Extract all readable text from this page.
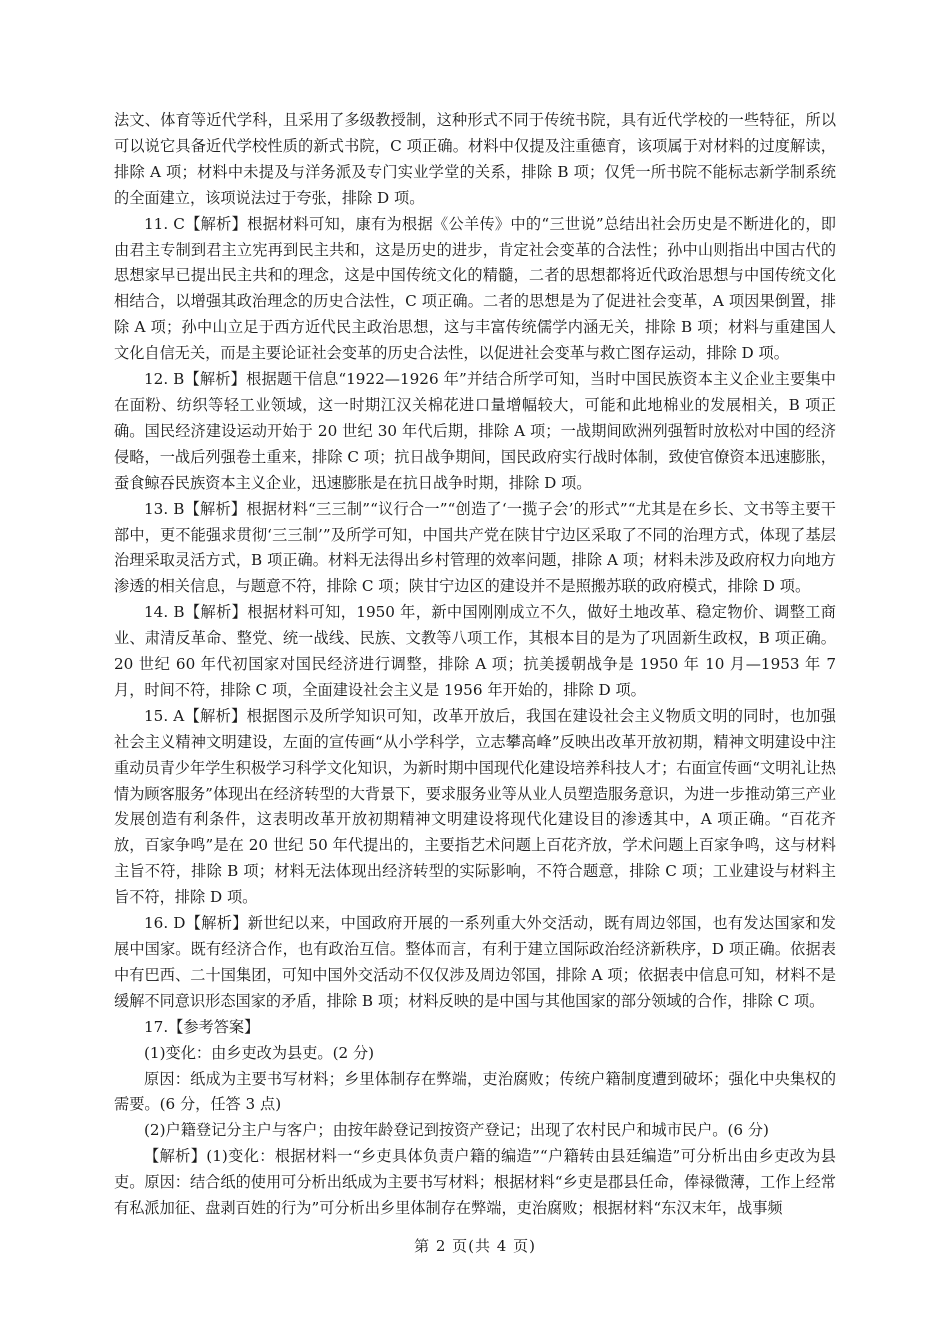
法文、体育等近代学科，且采用了多级教授制，这种形式不同于传统书院，具有近代学校的一些特征，所以可以说它具备近代学校性质的新式书院，C 项正确。材料中仅提及注重德育，该项属于对材料的过度解读，排除 A 项；材料中未提及与洋务派及专门实业学堂的关系，排除 B 项；仅凭一所书院不能标志新学制系统的全面建立，该项说法过于夸张，排除 D 项。

11. C【解析】根据材料可知，康有为根据《公羊传》中的“三世说”总结出社会历史是不断进化的，即由君主专制到君主立宪再到民主共和，这是历史的进步，肯定社会变革的合法性；孙中山则指出中国古代的思想家早已提出民主共和的理念，这是中国传统文化的精髓，二者的思想都将近代政治思想与中国传统文化相结合，以增强其政治理念的历史合法性，C 项正确。二者的思想是为了促进社会变革，A 项因果倒置，排除 A 项；孙中山立足于西方近代民主政治思想，这与丰富传统儒学内涵无关，排除 B 项；材料与重建国人文化自信无关，而是主要论证社会变革的历史合法性，以促进社会变革与救亡图存运动，排除 D 项。

12. B【解析】根据题干信息“1922—1926 年”并结合所学可知，当时中国民族资本主义企业主要集中在面粉、纺织等轻工业领域，这一时期江汉关棉花进口量增幅较大，可能和此地棉业的发展相关，B 项正确。国民经济建设运动开始于 20 世纪 30 年代后期，排除 A 项；一战期间欧洲列强暂时放松对中国的经济侵略，一战后列强卷土重来，排除 C 项；抗日战争期间，国民政府实行战时体制，致使官僚资本迅速膨胀，蚕食鲸吞民族资本主义企业，迅速膨胀是在抗日战争时期，排除 D 项。

13. B【解析】根据材料“三三制”“议行合一”“创造了‘一揽子会’的形式”“尤其是在乡长、文书等主要干部中，更不能强求贯彻‘三三制’”及所学可知，中国共产党在陕甘宁边区采取了不同的治理方式，体现了基层治理采取灵活方式，B 项正确。材料无法得出乡村管理的效率问题，排除 A 项；材料未涉及政府权力向地方渗透的相关信息，与题意不符，排除 C 项；陕甘宁边区的建设并不是照搬苏联的政府模式，排除 D 项。

14. B【解析】根据材料可知，1950 年，新中国刚刚成立不久，做好土地改革、稳定物价、调整工商业、肃清反革命、整党、统一战线、民族、文教等八项工作，其根本目的是为了巩固新生政权，B 项正确。20 世纪 60 年代初国家对国民经济进行调整，排除 A 项；抗美援朝战争是 1950 年 10 月—1953 年 7 月，时间不符，排除 C 项，全面建设社会主义是 1956 年开始的，排除 D 项。

15. A【解析】根据图示及所学知识可知，改革开放后，我国在建设社会主义物质文明的同时，也加强社会主义精神文明建设，左面的宣传画“从小学科学，立志攀高峰”反映出改革开放初期，精神文明建设中注重动员青少年学生积极学习科学文化知识，为新时期中国现代化建设培养科技人才；右面宣传画“文明礼让热情为顾客服务”体现出在经济转型的大背景下，要求服务业等从业人员塑造服务意识，为进一步推动第三产业发展创造有利条件，这表明改革开放初期精神文明建设将现代化建设目的渗透其中，A 项正确。“百花齐放，百家争鸣”是在 20 世纪 50 年代提出的，主要指艺术问题上百花齐放，学术问题上百家争鸣，这与材料主旨不符，排除 B 项；材料无法体现出经济转型的实际影响，不符合题意，排除 C 项；工业建设与材料主旨不符，排除 D 项。

16. D【解析】新世纪以来，中国政府开展的一系列重大外交活动，既有周边邻国，也有发达国家和发展中国家。既有经济合作，也有政治互信。整体而言，有利于建立国际政治经济新秩序，D 项正确。依据表中有巴西、二十国集团，可知中国外交活动不仅仅涉及周边邻国，排除 A 项；依据表中信息可知，材料不是缓解不同意识形态国家的矛盾，排除 B 项；材料反映的是中国与其他国家的部分领域的合作，排除 C 项。

17.【参考答案】

(1)变化：由乡吏改为县吏。(2 分)

原因：纸成为主要书写材料；乡里体制存在弊端，吏治腐败；传统户籍制度遭到破坏；强化中央集权的需要。(6 分，任答 3 点)

(2)户籍登记分主户与客户；由按年龄登记到按资产登记；出现了农村民户和城市民户。(6 分)

【解析】(1)变化：根据材料一“乡吏具体负责户籍的编造”“户籍转由县廷编造”可分析出由乡吏改为县吏。原因：结合纸的使用可分析出纸成为主要书写材料；根据材料“乡吏是郡县任命，俸禄微薄，工作上经常有私派加征、盘剥百姓的行为”可分析出乡里体制存在弊端，吏治腐败；根据材料“东汉末年，战事频

第 2 页(共 4 页)
